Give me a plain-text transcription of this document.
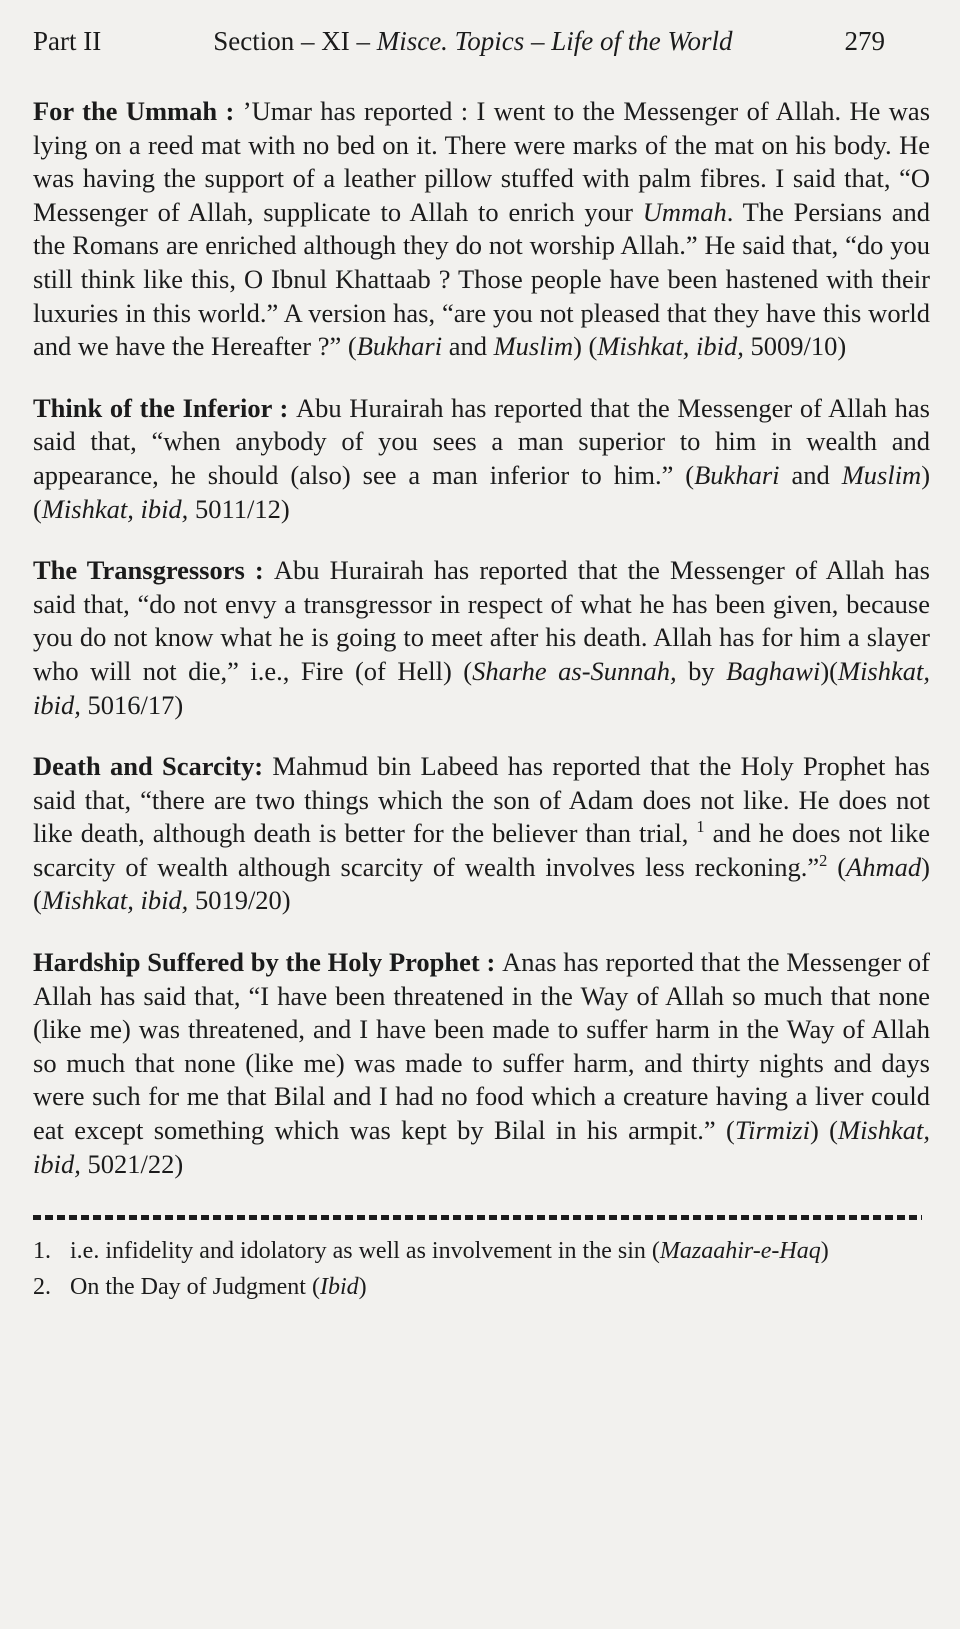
Part II	Section – XI – Misce. Topics – Life of the World	279

For the Ummah : ’Umar has reported : I went to the Messenger of Allah. He was lying on a reed mat with no bed on it. There were marks of the mat on his body. He was having the support of a leather pillow stuffed with palm fibres. I said that, “O Messenger of Allah, supplicate to Allah to enrich your Ummah. The Persians and the Romans are enriched although they do not worship Allah.” He said that, “do you still think like this, O Ibnul Khattaab ? Those people have been hastened with their luxuries in this world.” A version has, “are you not pleased that they have this world and we have the Hereafter ?” (Bukhari and Muslim) (Mishkat, ibid, 5009/10)

Think of the Inferior : Abu Hurairah has reported that the Messenger of Allah has said that, “when anybody of you sees a man superior to him in wealth and appearance, he should (also) see a man inferior to him.” (Bukhari and Muslim) (Mishkat, ibid, 5011/12)

The Transgressors : Abu Hurairah has reported that the Messenger of Allah has said that, “do not envy a transgressor in respect of what he has been given, because you do not know what he is going to meet after his death. Allah has for him a slayer who will not die,” i.e., Fire (of Hell) (Sharhe as-Sunnah, by Baghawi)(Mishkat, ibid, 5016/17)

Death and Scarcity: Mahmud bin Labeed has reported that the Holy Prophet has said that, “there are two things which the son of Adam does not like. He does not like death, although death is better for the believer than trial, $^1$ and he does not like scarcity of wealth although scarcity of wealth involves less reckoning.”$^2$ (Ahmad) (Mishkat, ibid, 5019/20)

Hardship Suffered by the Holy Prophet : Anas has reported that the Messenger of Allah has said that, “I have been threatened in the Way of Allah so much that none (like me) was threatened, and I have been made to suffer harm in the Way of Allah so much that none (like me) was made to suffer harm, and thirty nights and days were such for me that Bilal and I had no food which a creature having a liver could eat except something which was kept by Bilal in his armpit.” (Tirmizi) (Mishkat, ibid, 5021/22)

1. i.e. infidelity and idolatory as well as involvement in the sin (Mazaahir-e-Haq)

2. On the Day of Judgment (Ibid)
